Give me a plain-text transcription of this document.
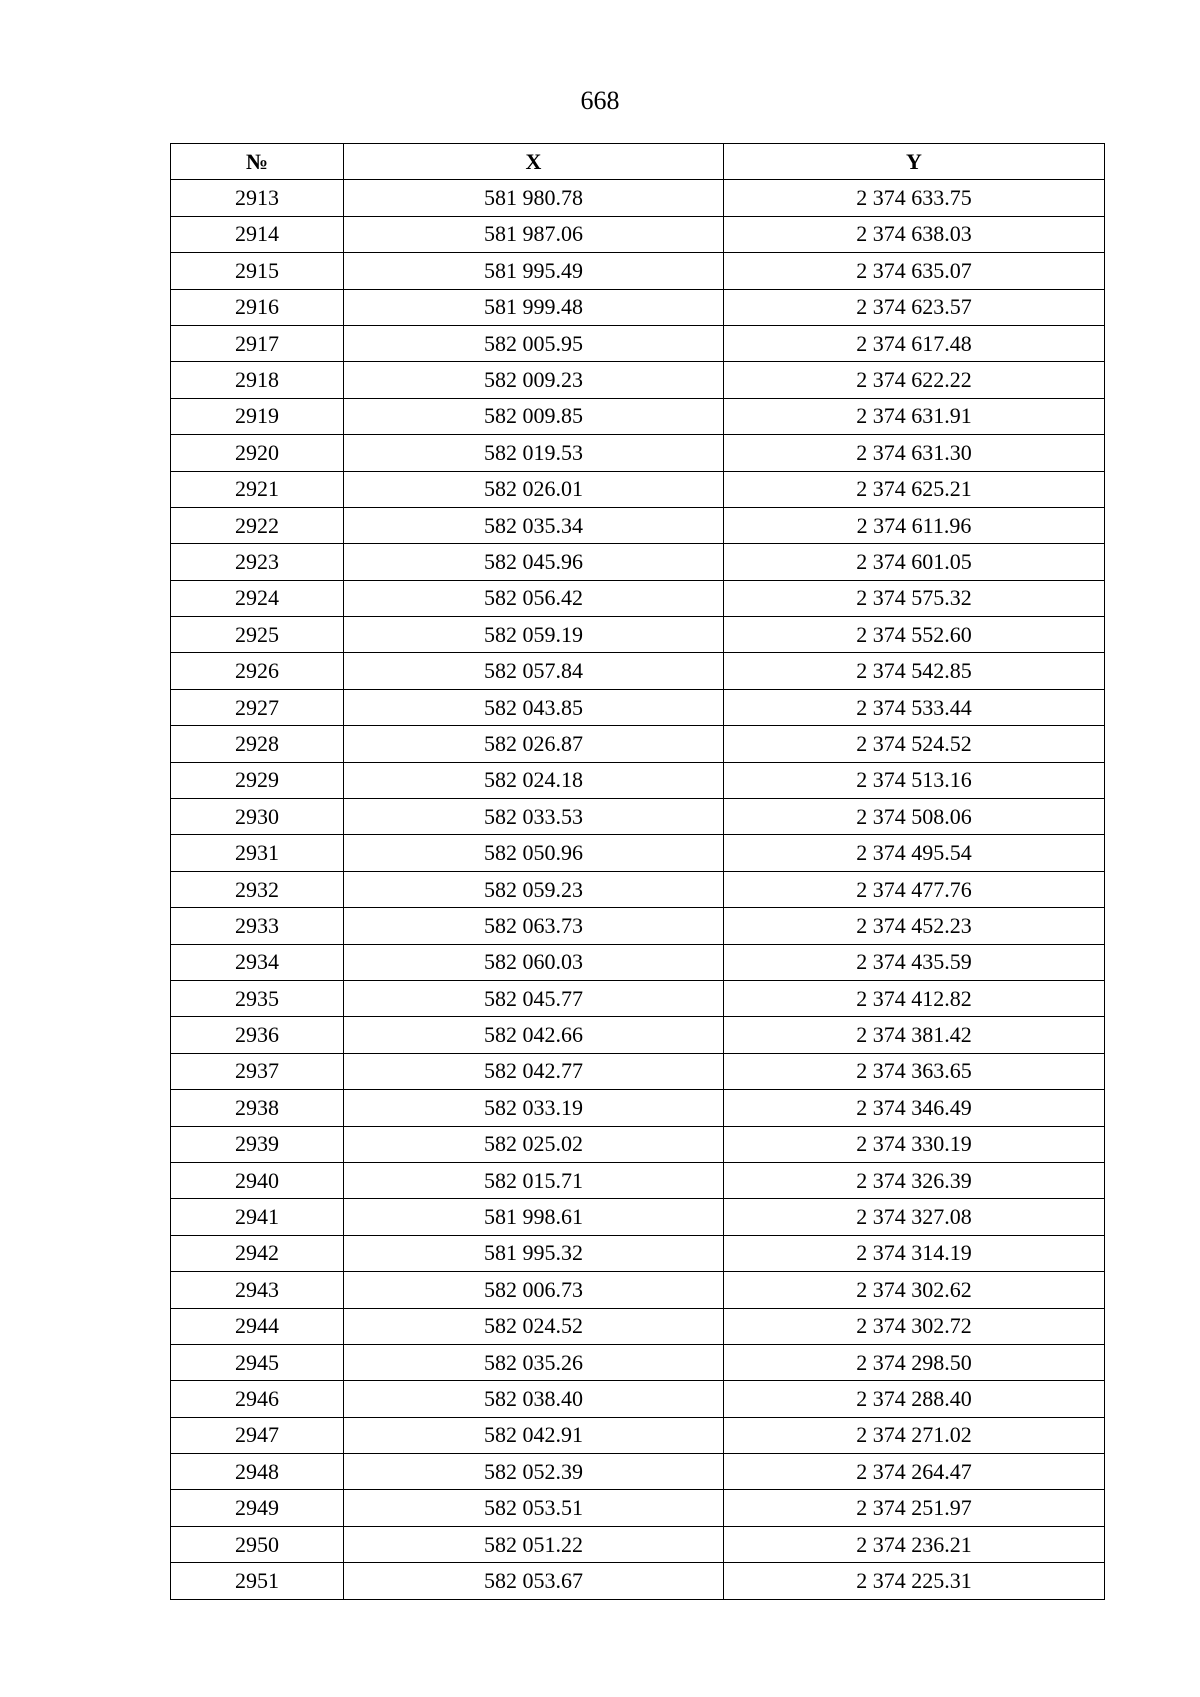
668
№	X	Y
2913	581 980.78	2 374 633.75
2914	581 987.06	2 374 638.03
2915	581 995.49	2 374 635.07
2916	581 999.48	2 374 623.57
2917	582 005.95	2 374 617.48
2918	582 009.23	2 374 622.22
2919	582 009.85	2 374 631.91
2920	582 019.53	2 374 631.30
2921	582 026.01	2 374 625.21
2922	582 035.34	2 374 611.96
2923	582 045.96	2 374 601.05
2924	582 056.42	2 374 575.32
2925	582 059.19	2 374 552.60
2926	582 057.84	2 374 542.85
2927	582 043.85	2 374 533.44
2928	582 026.87	2 374 524.52
2929	582 024.18	2 374 513.16
2930	582 033.53	2 374 508.06
2931	582 050.96	2 374 495.54
2932	582 059.23	2 374 477.76
2933	582 063.73	2 374 452.23
2934	582 060.03	2 374 435.59
2935	582 045.77	2 374 412.82
2936	582 042.66	2 374 381.42
2937	582 042.77	2 374 363.65
2938	582 033.19	2 374 346.49
2939	582 025.02	2 374 330.19
2940	582 015.71	2 374 326.39
2941	581 998.61	2 374 327.08
2942	581 995.32	2 374 314.19
2943	582 006.73	2 374 302.62
2944	582 024.52	2 374 302.72
2945	582 035.26	2 374 298.50
2946	582 038.40	2 374 288.40
2947	582 042.91	2 374 271.02
2948	582 052.39	2 374 264.47
2949	582 053.51	2 374 251.97
2950	582 051.22	2 374 236.21
2951	582 053.67	2 374 225.31
